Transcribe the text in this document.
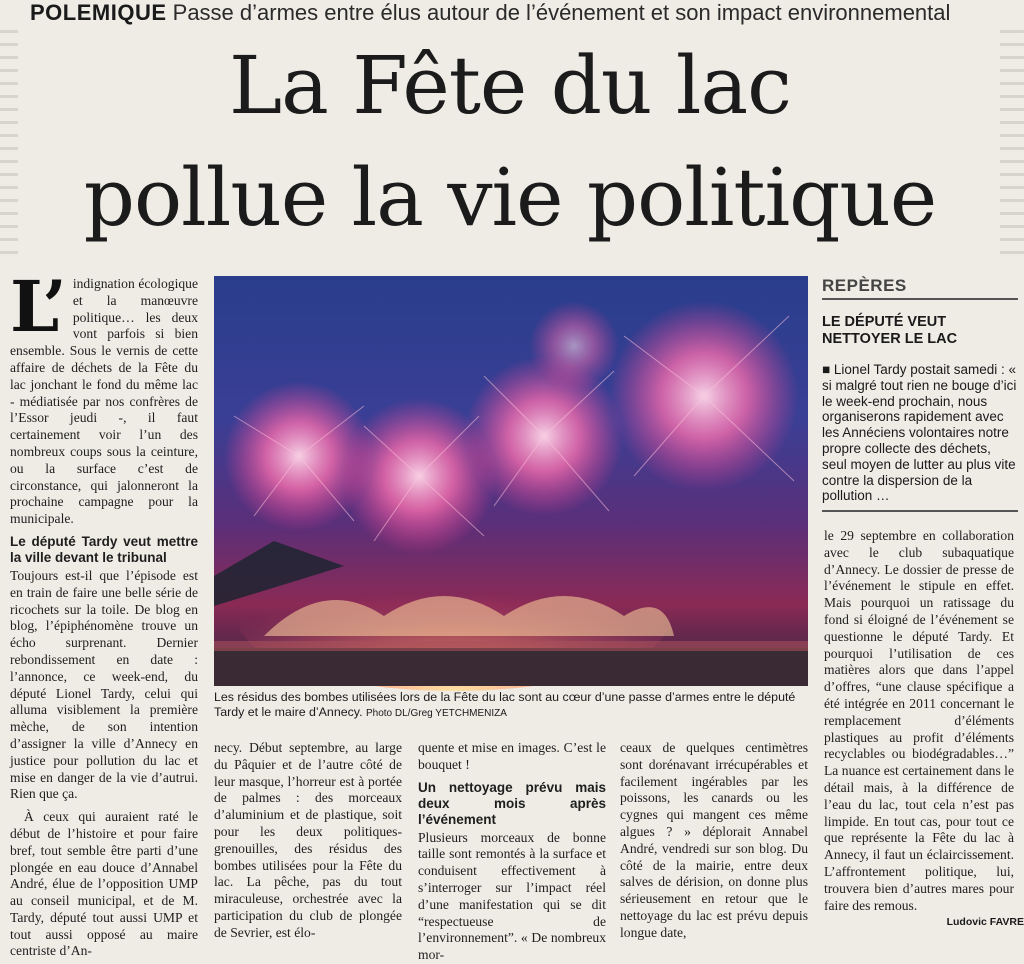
POLEMIQUE Passe d’armes entre élus autour de l’événement et son impact environnemental
La Fête du lac
pollue la vie politique

L’ indignation écologique et la manœuvre politique… les deux vont parfois si bien ensemble. Sous le vernis de cette affaire de déchets de la Fête du lac jonchant le fond du même lac - médiatisée par nos confrères de l’Essor jeudi -, il faut certainement voir l’un des nombreux coups sous la ceinture, ou la surface c’est de circonstance, qui jalonneront la prochaine campagne pour la municipale.

Le député Tardy veut mettre la ville devant le tribunal

Toujours est-il que l’épisode est en train de faire une belle série de ricochets sur la toile. De blog en blog, l’épiphénomène trouve un écho surprenant. Dernier rebondissement en date : l’annonce, ce week-end, du député Lionel Tardy, celui qui alluma visiblement la première mèche, de son intention d’assigner la ville d’Annecy en justice pour pollution du lac et mise en danger de la vie d’autrui. Rien que ça.

À ceux qui auraient raté le début de l’histoire et pour faire bref, tout semble être parti d’une plongée en eau douce d’Annabel André, élue de l’opposition UMP au conseil municipal, et de M. Tardy, député tout aussi UMP et tout aussi opposé au maire centriste d’An-

Les résidus des bombes utilisées lors de la Fête du lac sont au cœur d’une passe d’armes entre le député Tardy et le maire d’Annecy. Photo DL/Greg YETCHMENIZA

necy. Début septembre, au large du Pâquier et de l’autre côté de leur masque, l’horreur est à portée de palmes : des morceaux d’aluminium et de plastique, soit pour les deux politiques-grenouilles, des résidus des bombes utilisées pour la Fête du lac. La pêche, pas du tout miraculeuse, orchestrée avec la participation du club de plongée de Sevrier, est élo-

quente et mise en images. C’est le bouquet !

Un nettoyage prévu mais deux mois après l’événement

Plusieurs morceaux de bonne taille sont remontés à la surface et conduisent effectivement à s’interroger sur l’impact réel d’une manifestation qui se dit “respectueuse de l’environnement”. « De nombreux mor-

ceaux de quelques centimètres sont dorénavant irrécupérables et facilement ingérables par les poissons, les canards ou les cygnes qui mangent ces même algues ? » déplorait Annabel André, vendredi sur son blog. Du côté de la mairie, entre deux salves de dérision, on donne plus sérieusement en retour que le nettoyage du lac est prévu depuis longue date,

REPÈRES
LE DÉPUTÉ VEUT NETTOYER LE LAC
■ Lionel Tardy postait samedi : « si malgré tout rien ne bouge d’ici le week-end prochain, nous organiserons rapidement avec les Annéciens volontaires notre propre collecte des déchets, seul moyen de lutter au plus vite contre la dispersion de la pollution …

le 29 septembre en collaboration avec le club subaquatique d’Annecy. Le dossier de presse de l’événement le stipule en effet. Mais pourquoi un ratissage du fond si éloigné de l’événement se questionne le député Tardy. Et pourquoi l’utilisation de ces matières alors que dans l’appel d’offres, “une clause spécifique a été intégrée en 2011 concernant le remplacement d’éléments plastiques au profit d’éléments recyclables ou biodégradables…” La nuance est certainement dans le détail mais, à la différence de l’eau du lac, tout cela n’est pas limpide. En tout cas, pour tout ce que représente la Fête du lac à Annecy, il faut un éclaircissement. L’affrontement politique, lui, trouvera bien d’autres mares pour faire des remous.

Ludovic FAVRE
